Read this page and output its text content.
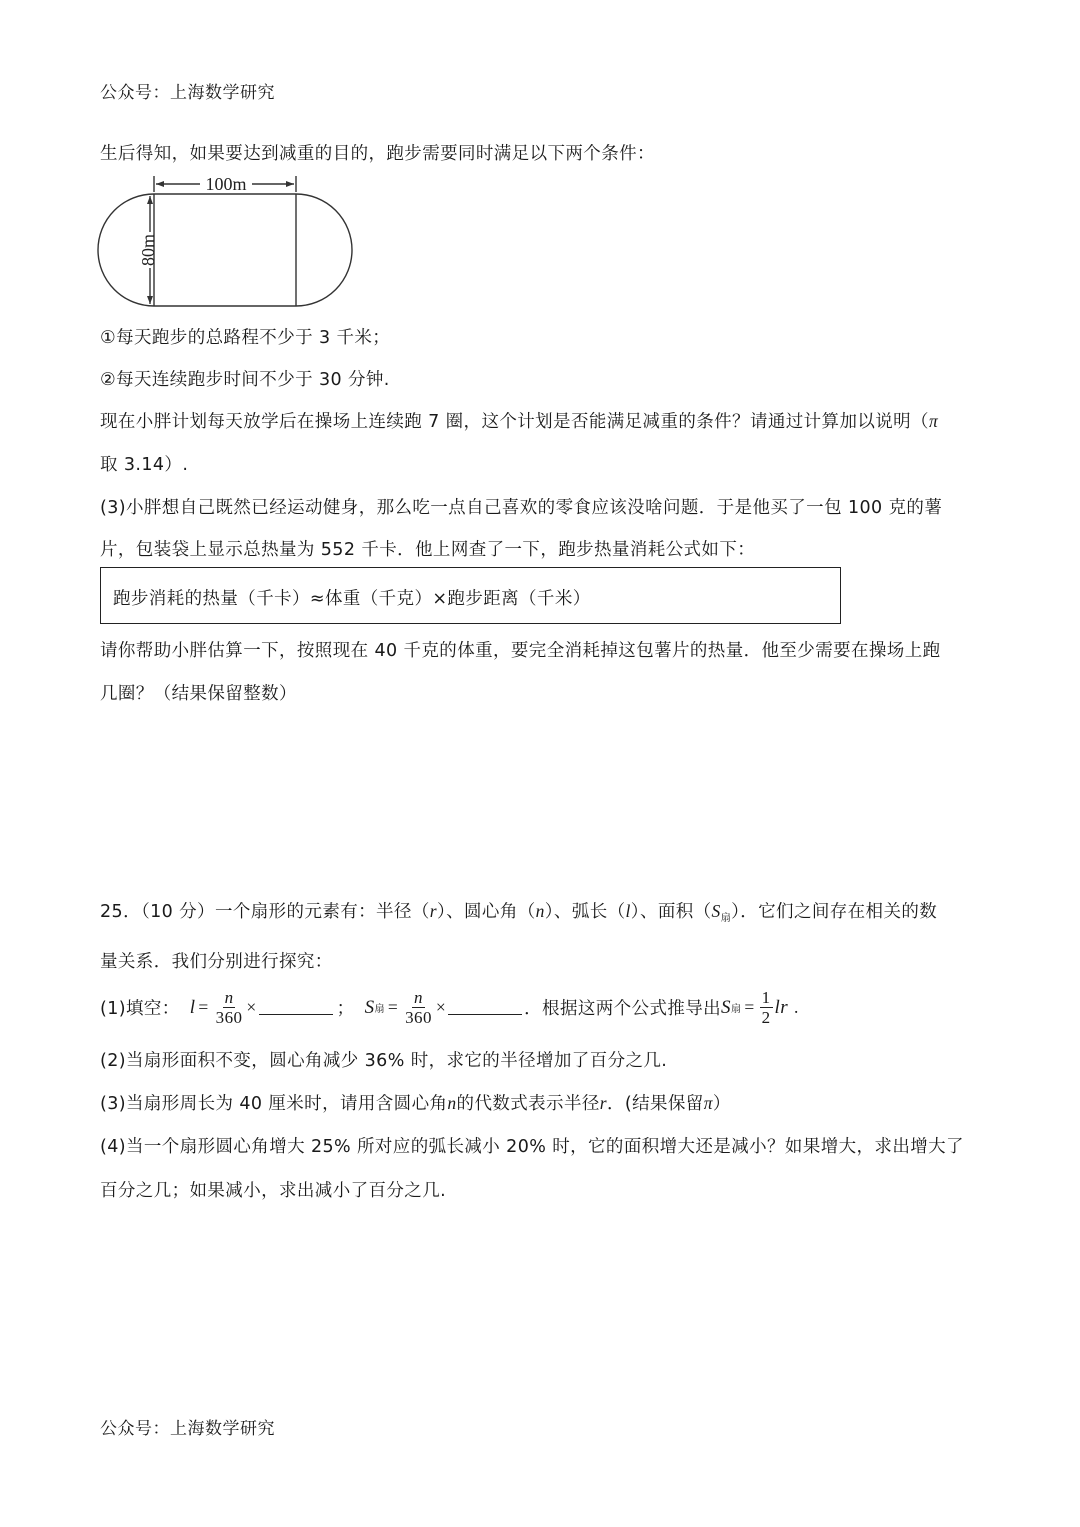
公众号：上海数学研究
生后得知，如果要达到减重的目的，跑步需要同时满足以下两个条件：
100m
80m
①每天跑步的总路程不少于 3 千米；
②每天连续跑步时间不少于 30 分钟.
现在小胖计划每天放学后在操场上连续跑 7 圈，这个计划是否能满足减重的条件？请通过计算加以说明（π
取 3.14）.
(3)小胖想自己既然已经运动健身，那么吃一点自己喜欢的零食应该没啥问题．于是他买了一包 100 克的薯
片，包装袋上显示总热量为 552 千卡．他上网查了一下，跑步热量消耗公式如下：
跑步消耗的热量（千卡）≈体重（千克）×跑步距离（千米）
请你帮助小胖估算一下，按照现在 40 千克的体重，要完全消耗掉这包薯片的热量．他至少需要在操场上跑
几圈？（结果保留整数）
25．（10 分）一个扇形的元素有：半径（r）、圆心角（n）、弧长（l）、面积$(S_扇)$．它们之间存在相关的数
量关系．我们分别进行探究：
(1)填空： $l = \frac{n}{360}$ ×	； S 扇 = $\frac{n}{360}$ ×	．根据这两个公式推导出 S 扇 = $\frac{1}{2}$ lr .
(2)当扇形面积不变，圆心角减少 36% 时，求它的半径增加了百分之几.
(3)当扇形周长为 40 厘米时，请用含圆心角n的代数式表示半径r．(结果保留π）
(4)当一个扇形圆心角增大 25% 所对应的弧长减小 20% 时，它的面积增大还是减小？如果增大，求出增大了
百分之几；如果减小，求出减小了百分之几.
公众号：上海数学研究
